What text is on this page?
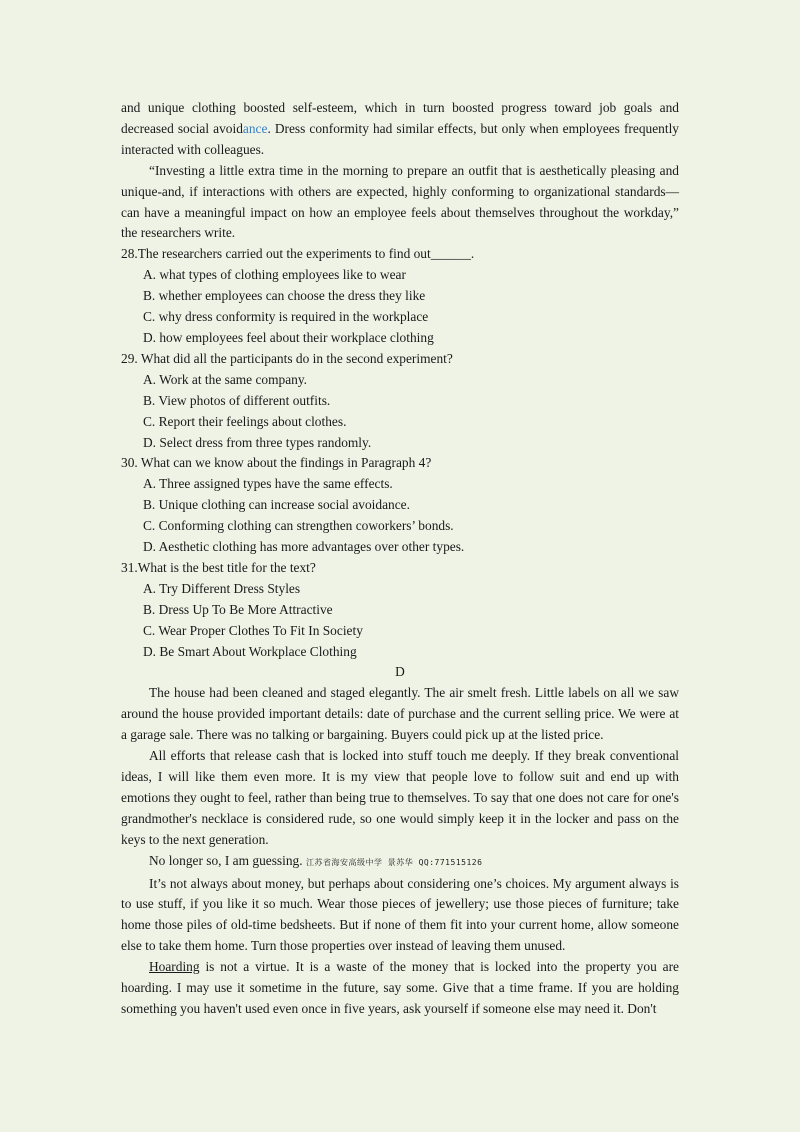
and unique clothing boosted self-esteem, which in turn boosted progress toward job goals and decreased social avoidance. Dress conformity had similar effects, but only when employees frequently interacted with colleagues.

“Investing a little extra time in the morning to prepare an outfit that is aesthetically pleasing and unique-and, if interactions with others are expected, highly conforming to organizational standards—can have a meaningful impact on how an employee feels about themselves throughout the workday,” the researchers write.

28.The researchers carried out the experiments to find out______.

A. what types of clothing employees like to wear

B. whether employees can choose the dress they like

C. why dress conformity is required in the workplace

D. how employees feel about their workplace clothing

29. What did all the participants do in the second experiment?

A. Work at the same company.

B. View photos of different outfits.

C. Report their feelings about clothes.

D. Select dress from three types randomly.

30. What can we know about the findings in Paragraph 4?

A. Three assigned types have the same effects.

B. Unique clothing can increase social avoidance.

C. Conforming clothing can strengthen coworkers’ bonds.

D. Aesthetic clothing has more advantages over other types.

31.What is the best title for the text?

A. Try Different Dress Styles

B. Dress Up To Be More Attractive

C. Wear Proper Clothes To Fit In Society

D. Be Smart About Workplace Clothing

D

The house had been cleaned and staged elegantly. The air smelt fresh. Little labels on all we saw around the house provided important details: date of purchase and the current selling price. We were at a garage sale. There was no talking or bargaining. Buyers could pick up at the listed price.

All efforts that release cash that is locked into stuff touch me deeply. If they break conventional ideas, I will like them even more. It is my view that people love to follow suit and end up with emotions they ought to feel, rather than being true to themselves. To say that one does not care for one's grandmother's necklace is considered rude, so one would simply keep it in the locker and pass on the keys to the next generation.

No longer so, I am guessing. 江苏省海安高级中学 景苏华 QQ:771515126

It’s not always about money, but perhaps about considering one’s choices. My argument always is to use stuff, if you like it so much. Wear those pieces of jewellery; use those pieces of furniture; take home those piles of old-time bedsheets. But if none of them fit into your current home, allow someone else to take them home. Turn those properties over instead of leaving them unused.

Hoarding is not a virtue. It is a waste of the money that is locked into the property you are hoarding. I may use it sometime in the future, say some. Give that a time frame. If you are holding something you haven't used even once in five years, ask yourself if someone else may need it. Don't
